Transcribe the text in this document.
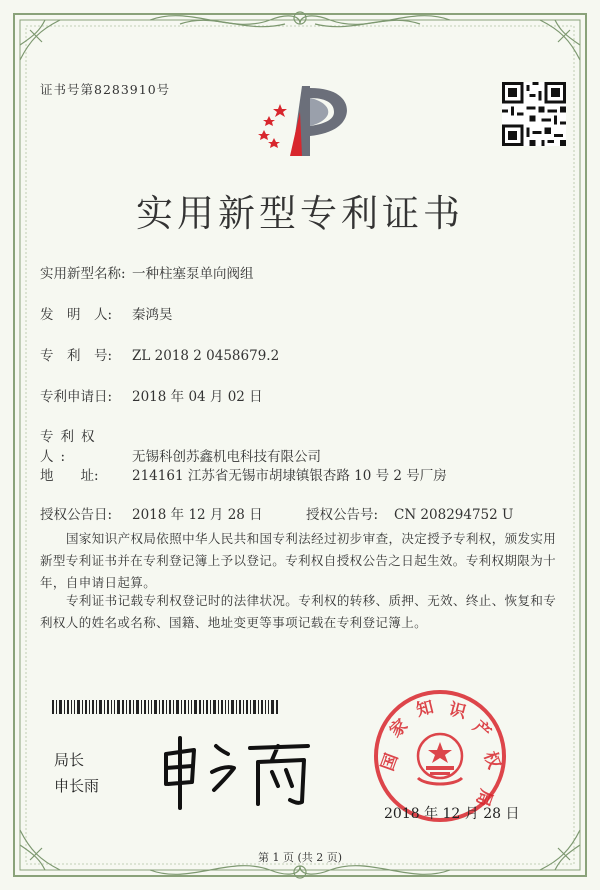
证书号第8283910号
实用新型专利证书
实用新型名称: 一种柱塞泵单向阀组
发　明　人: 秦鸿昊
专　利　号: ZL 2018 2 0458679.2
专利申请日: 2018 年 04 月 02 日
专利权人:	无锡科创苏鑫机电科技有限公司
地　　址: 214161 江苏省无锡市胡埭镇银杏路 10 号 2 号厂房
授权公告日: 2018 年 12 月 28 日	授权公告号: CN 208294752 U
国家知识产权局依照中华人民共和国专利法经过初步审查，决定授予专利权，颁发实用新型专利证书并在专利登记簿上予以登记。专利权自授权公告之日起生效。专利权期限为十年，自申请日起算。
专利证书记载专利权登记时的法律状况。专利权的转移、质押、无效、终止、恢复和专利权人的姓名或名称、国籍、地址变更等事项记载在专利登记簿上。
局长
申长雨
国
家
知 识
产
权
局
2018 年 12 月 28 日
第 1 页 (共 2 页)
